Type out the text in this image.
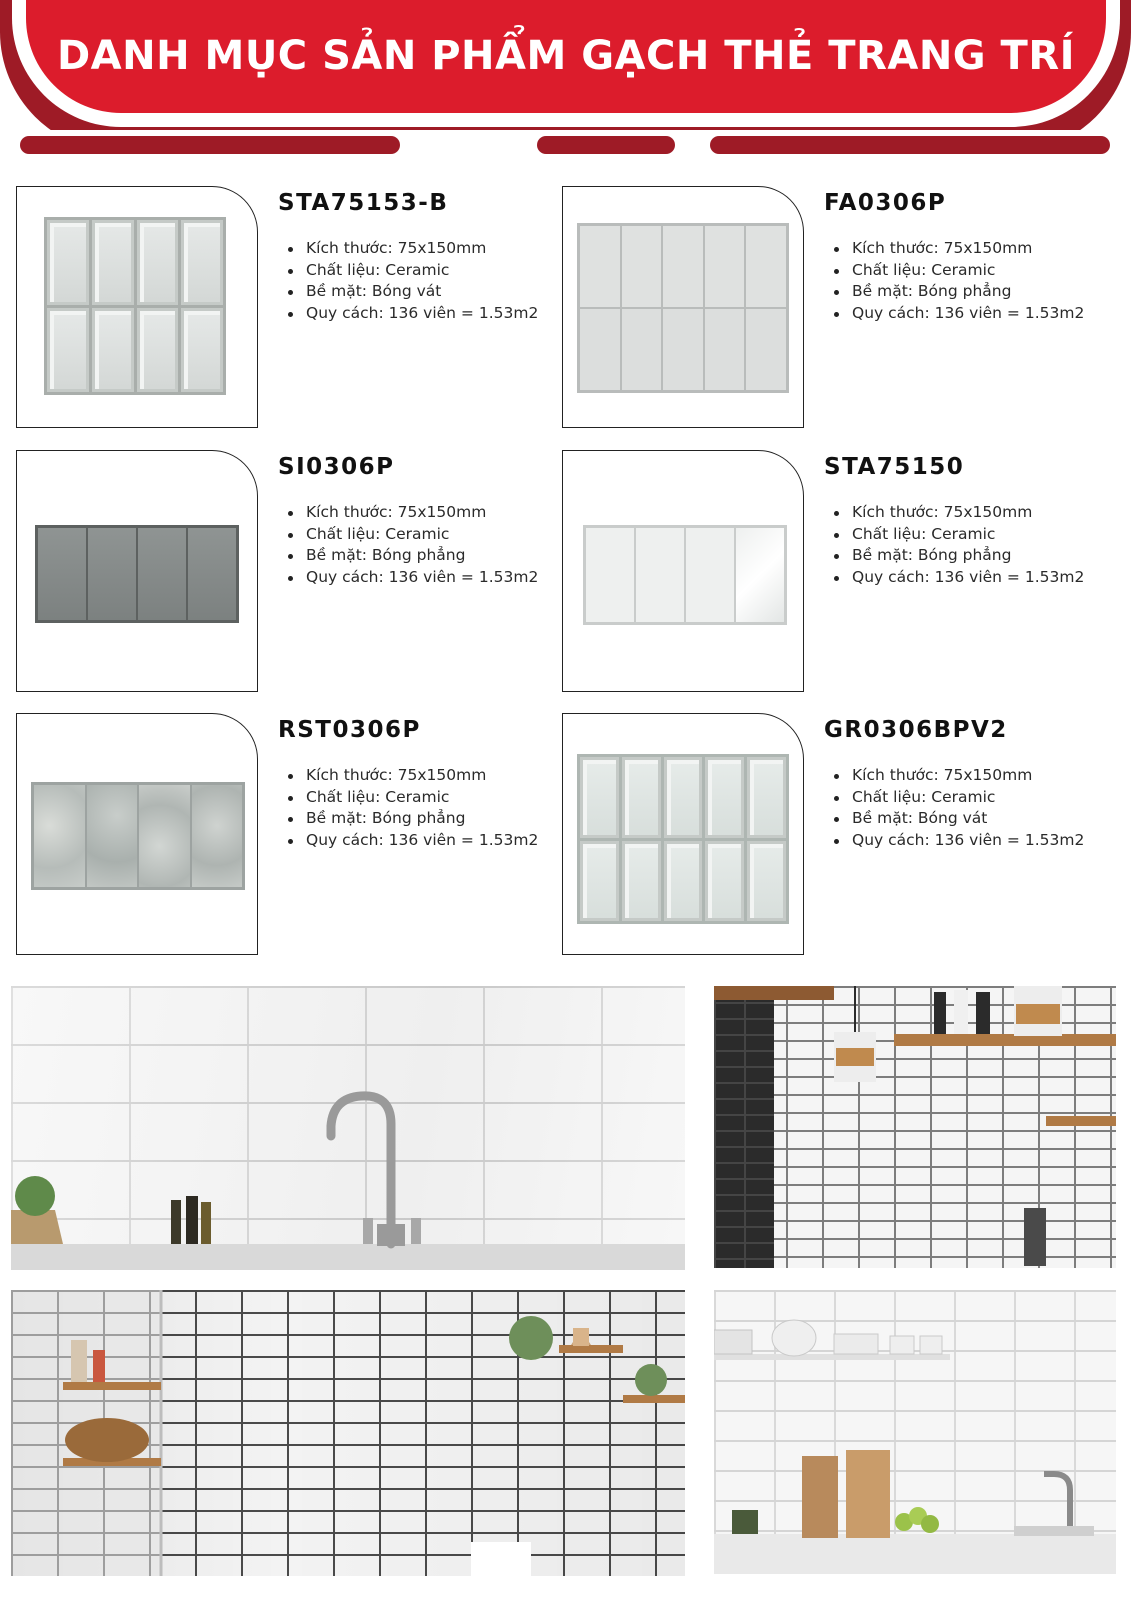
DANH MỤC SẢN PHẨM GẠCH THẺ TRANG TRÍ
STA75153-B
Kích thước: 75x150mm
Chất liệu: Ceramic
Bề mặt: Bóng vát
Quy cách: 136 viên = 1.53m2
FA0306P
Kích thước: 75x150mm
Chất liệu: Ceramic
Bề mặt: Bóng phẳng
Quy cách: 136 viên = 1.53m2
SI0306P
Kích thước: 75x150mm
Chất liệu: Ceramic
Bề mặt: Bóng phẳng
Quy cách: 136 viên = 1.53m2
STA75150
Kích thước: 75x150mm
Chất liệu: Ceramic
Bề mặt: Bóng phẳng
Quy cách: 136 viên = 1.53m2
RST0306P
Kích thước: 75x150mm
Chất liệu: Ceramic
Bề mặt: Bóng phẳng
Quy cách: 136 viên = 1.53m2
GR0306BPV2
Kích thước: 75x150mm
Chất liệu: Ceramic
Bề mặt: Bóng vát
Quy cách: 136 viên = 1.53m2
